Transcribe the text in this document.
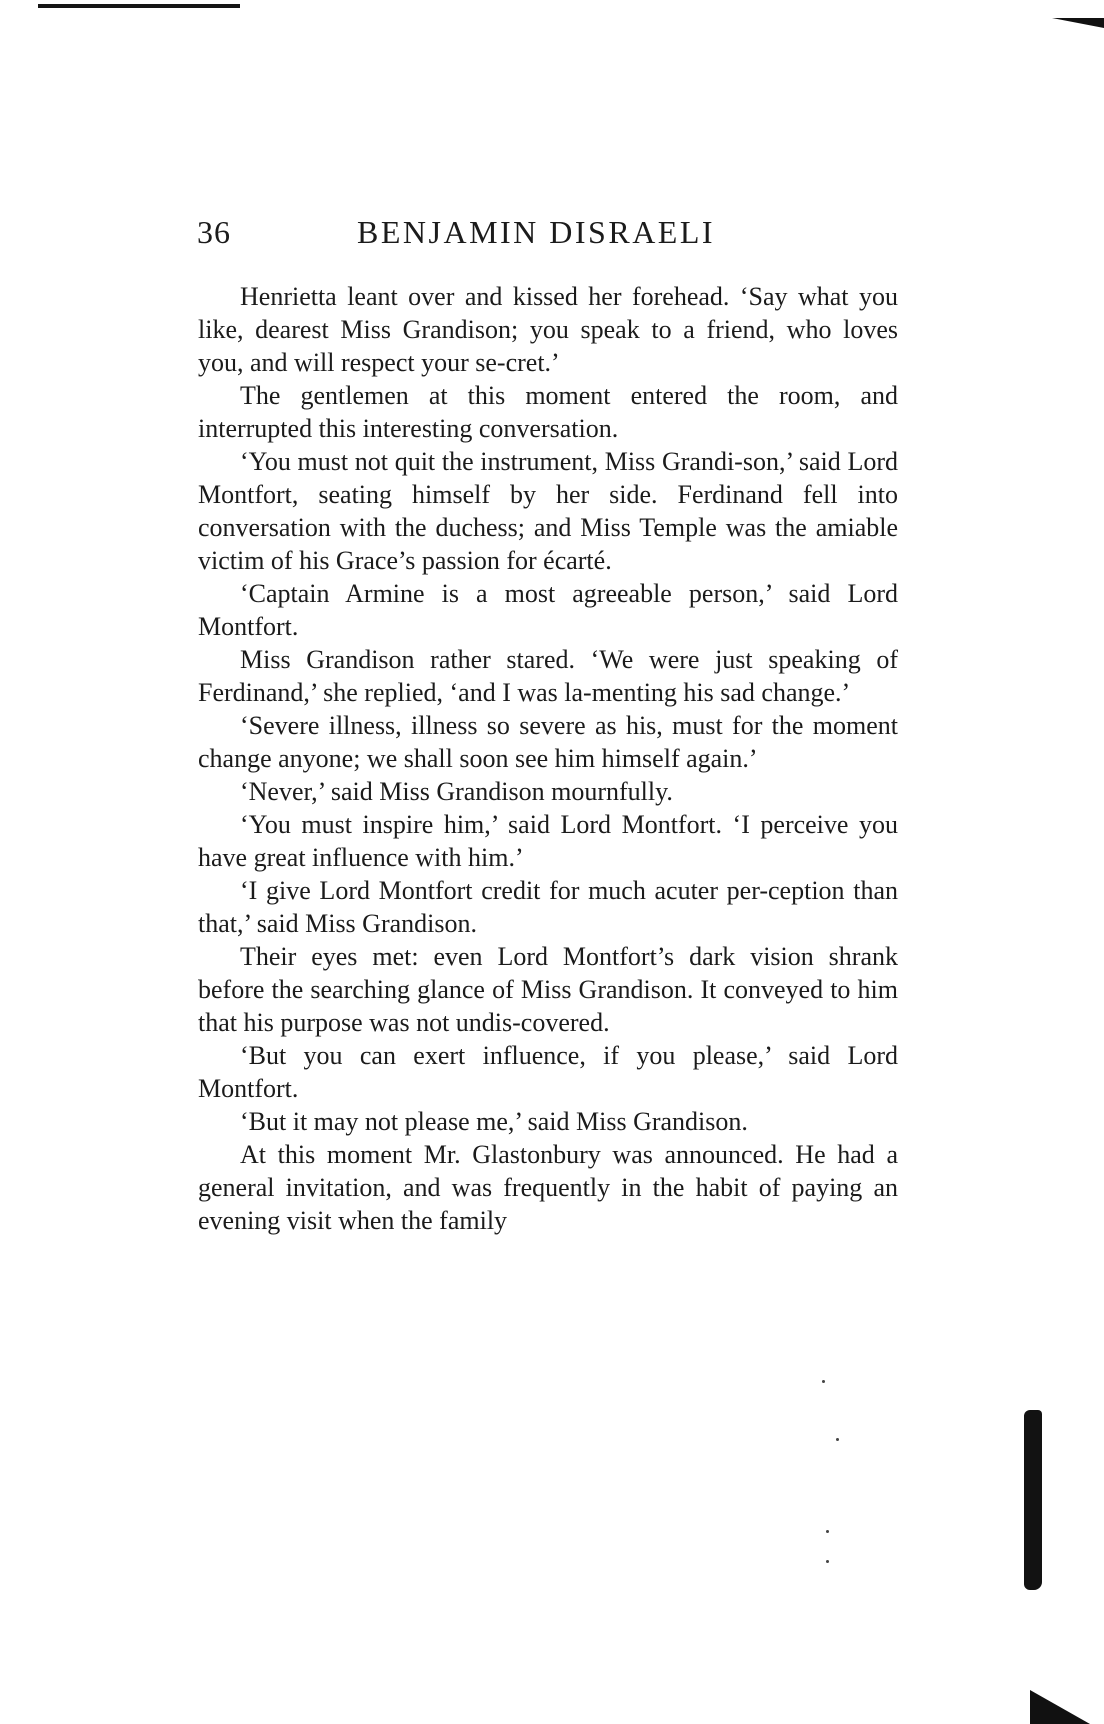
36	BENJAMIN DISRAELI

Henrietta leant over and kissed her forehead. ‘Say what you like, dearest Miss Grandison; you speak to a friend, who loves you, and will respect your se-cret.’

The gentlemen at this moment entered the room, and interrupted this interesting conversation.

‘You must not quit the instrument, Miss Grandi-son,’ said Lord Montfort, seating himself by her side. Ferdinand fell into conversation with the duchess; and Miss Temple was the amiable victim of his Grace’s passion for écarté.

‘Captain Armine is a most agreeable person,’ said Lord Montfort.

Miss Grandison rather stared. ‘We were just speaking of Ferdinand,’ she replied, ‘and I was la-menting his sad change.’

‘Severe illness, illness so severe as his, must for the moment change anyone; we shall soon see him himself again.’

‘Never,’ said Miss Grandison mournfully.

‘You must inspire him,’ said Lord Montfort. ‘I perceive you have great influence with him.’

‘I give Lord Montfort credit for much acuter per-ception than that,’ said Miss Grandison.

Their eyes met: even Lord Montfort’s dark vision shrank before the searching glance of Miss Grandison. It conveyed to him that his purpose was not undis-covered.

‘But you can exert influence, if you please,’ said Lord Montfort.

‘But it may not please me,’ said Miss Grandison.

At this moment Mr. Glastonbury was announced. He had a general invitation, and was frequently in the habit of paying an evening visit when the family
